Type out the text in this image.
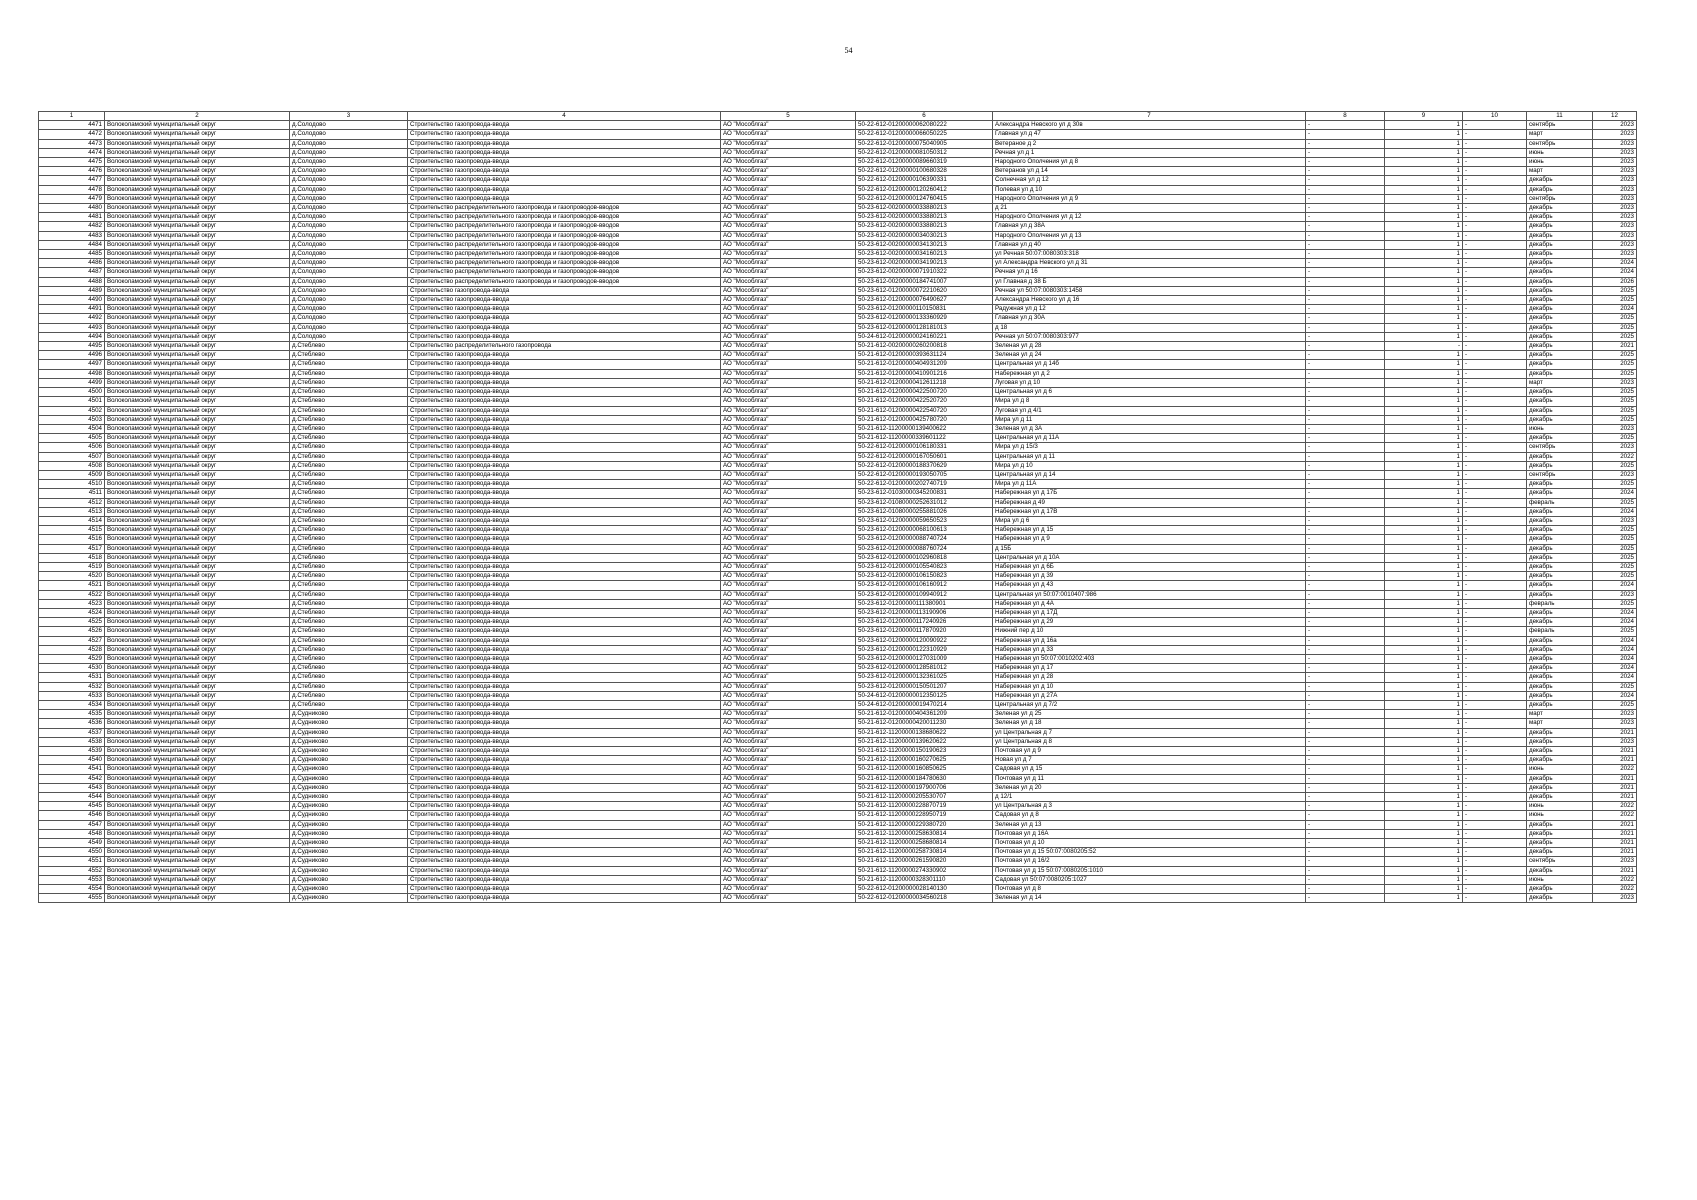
54
1	2	3	4	5	6	7	8	9	10	11	12
4471	Волоколамский муниципальный округ	д.Солодово	Строительство газопровода-ввода	АО "Мособлгаз"	50-22-612-01200000062080222	Александра Невского ул д 30в	-	1	-	сентябрь	2023
4472	Волоколамский муниципальный округ	д.Солодово	Строительство газопровода-ввода	АО "Мособлгаз"	50-22-612-01200000066050225	Главная ул д 47	-	1	-	март	2023
4473	Волоколамский муниципальный округ	д.Солодово	Строительство газопровода-ввода	АО "Мособлгаз"	50-22-612-01200000075040905	Ветераное д 2	-	1	-	сентябрь	2023
4474	Волоколамский муниципальный округ	д.Солодово	Строительство газопровода-ввода	АО "Мособлгаз"	50-22-612-01200000081050312	Речная ул д 1	-	1	-	июнь	2023
4475	Волоколамский муниципальный округ	д.Солодово	Строительство газопровода-ввода	АО "Мособлгаз"	50-22-612-01200000089660319	Народного Ополчения ул д 8	-	1	-	июнь	2023
4476	Волоколамский муниципальный округ	д.Солодово	Строительство газопровода-ввода	АО "Мособлгаз"	50-22-612-01200000100680328	Ветеранов ул д 14	-	1	-	март	2023
4477	Волоколамский муниципальный округ	д.Солодово	Строительство газопровода-ввода	АО "Мособлгаз"	50-22-612-01200000106390331	Солнечная ул д 12	-	1	-	декабрь	2023
4478	Волоколамский муниципальный округ	д.Солодово	Строительство газопровода-ввода	АО "Мособлгаз"	50-22-612-01200000120260412	Полевая ул д 10	-	1	-	декабрь	2023
4479	Волоколамский муниципальный округ	д.Солодово	Строительство газопровода-ввода	АО "Мособлгаз"	50-22-612-01200000124760415	Народного Ополчения ул д 9	-	1	-	сентябрь	2023
4480	Волоколамский муниципальный округ	д.Солодово	Строительство распределительного газопровода и газопроводов-вводов	АО "Мособлгаз"	50-23-612-00200000033880213	д 21	-	1	-	декабрь	2023
4481	Волоколамский муниципальный округ	д.Солодово	Строительство распределительного газопровода и газопроводов-вводов	АО "Мособлгаз"	50-23-612-00200000033880213	Народного Ополчения ул д 12	-	1	-	декабрь	2023
4482	Волоколамский муниципальный округ	д.Солодово	Строительство распределительного газопровода и газопроводов-вводов	АО "Мособлгаз"	50-23-612-00200000033880213	Главная ул д 38А	-	1	-	декабрь	2023
4483	Волоколамский муниципальный округ	д.Солодово	Строительство распределительного газопровода и газопроводов-вводов	АО "Мособлгаз"	50-23-612-00200000034030213	Народного Ополчения ул д 13	-	1	-	декабрь	2023
4484	Волоколамский муниципальный округ	д.Солодово	Строительство распределительного газопровода и газопроводов-вводов	АО "Мособлгаз"	50-23-612-00200000034130213	Главная ул д 40	-	1	-	декабрь	2023
4485	Волоколамский муниципальный округ	д.Солодово	Строительство распределительного газопровода и газопроводов-вводов	АО "Мособлгаз"	50-23-612-00200000034160213	ул Речная 50:07:0080303:318	-	1	-	декабрь	2023
4486	Волоколамский муниципальный округ	д.Солодово	Строительство распределительного газопровода и газопроводов-вводов	АО "Мособлгаз"	50-23-612-00200000034190213	ул Александра Невского ул д 31	-	1	-	декабрь	2024
4487	Волоколамский муниципальный округ	д.Солодово	Строительство распределительного газопровода и газопроводов-вводов	АО "Мособлгаз"	50-23-612-00200000071910322	Речная ул д 16	-	1	-	декабрь	2024
4488	Волоколамский муниципальный округ	д.Солодово	Строительство распределительного газопровода и газопроводов-вводов	АО "Мособлгаз"	50-23-612-00200000184741007	ул Главная д 38 Б	-	1	-	декабрь	2026
4489	Волоколамский муниципальный округ	д.Солодово	Строительство газопровода-ввода	АО "Мособлгаз"	50-23-612-01200000072210620	Речная ул 50:07:0080303:1458	-	1	-	декабрь	2025
4490	Волоколамский муниципальный округ	д.Солодово	Строительство газопровода-ввода	АО "Мособлгаз"	50-23-612-01200000076490627	Александра Невского ул д 16	-	1	-	декабрь	2025
4491	Волоколамский муниципальный округ	д.Солодово	Строительство газопровода-ввода	АО "Мособлгаз"	50-23-612-01200000110150831	Радужная ул д 12	-	1	-	декабрь	2024
4492	Волоколамский муниципальный округ	д.Солодово	Строительство газопровода-ввода	АО "Мособлгаз"	50-23-612-01200000133360929	Главная ул д 30А	-	1	-	декабрь	2025
4493	Волоколамский муниципальный округ	д.Солодово	Строительство газопровода-ввода	АО "Мособлгаз"	50-23-612-01200000128181013	д 18	-	1	-	декабрь	2025
4494	Волоколамский муниципальный округ	д.Солодово	Строительство газопровода-ввода	АО "Мособлгаз"	50-24-612-01200000024160221	Речная ул 50:07:0080303:977	-	1	-	декабрь	2025
4495	Волоколамский муниципальный округ	д.Стеблево	Строительство распределительного газопровода	АО "Мособлгаз"	50-21-612-00200000260200818	Зеленая ул д 28	-	-	-	декабрь	2021
4496	Волоколамский муниципальный округ	д.Стеблево	Строительство газопровода-ввода	АО "Мособлгаз"	50-21-612-01200000393631124	Зеленая ул д 24	-	1	-	декабрь	2025
4497	Волоколамский муниципальный округ	д.Стеблево	Строительство газопровода-ввода	АО "Мособлгаз"	50-21-612-01200000404931209	Центральная ул д 14б	-	1	-	декабрь	2025
4498	Волоколамский муниципальный округ	д.Стеблево	Строительство газопровода-ввода	АО "Мособлгаз"	50-21-612-01200000410901216	Набережная ул д 2	-	1	-	декабрь	2025
4499	Волоколамский муниципальный округ	д.Стеблево	Строительство газопровода-ввода	АО "Мособлгаз"	50-21-612-01200000412611218	Луговая ул д 10	-	1	-	март	2023
4500	Волоколамский муниципальный округ	д.Стеблево	Строительство газопровода-ввода	АО "Мособлгаз"	50-21-612-01200000422500720	Центральная ул д 6	-	1	-	декабрь	2025
4501	Волоколамский муниципальный округ	д.Стеблево	Строительство газопровода-ввода	АО "Мособлгаз"	50-21-612-01200000422520720	Мира ул д 8	-	1	-	декабрь	2025
4502	Волоколамский муниципальный округ	д.Стеблево	Строительство газопровода-ввода	АО "Мособлгаз"	50-21-612-01200000422540720	Луговая ул д 4/1	-	1	-	декабрь	2025
4503	Волоколамский муниципальный округ	д.Стеблево	Строительство газопровода-ввода	АО "Мособлгаз"	50-21-612-01200000425780720	Мира ул д 11	-	1	-	декабрь	2025
4504	Волоколамский муниципальный округ	д.Стеблево	Строительство газопровода-ввода	АО "Мособлгаз"	50-21-612-11200000139400622	Зеленая ул д 3А	-	1	-	июнь	2023
4505	Волоколамский муниципальный округ	д.Стеблево	Строительство газопровода-ввода	АО "Мособлгаз"	50-21-612-11200000339601122	Центральная ул д 11А	-	1	-	декабрь	2025
4506	Волоколамский муниципальный округ	д.Стеблево	Строительство газопровода-ввода	АО "Мособлгаз"	50-22-612-01200000106180331	Мира ул д 15/3	-	1	-	сентябрь	2023
4507	Волоколамский муниципальный округ	д.Стеблево	Строительство газопровода-ввода	АО "Мособлгаз"	50-22-612-01200000167050601	Центральная ул д 11	-	1	-	декабрь	2022
4508	Волоколамский муниципальный округ	д.Стеблево	Строительство газопровода-ввода	АО "Мособлгаз"	50-22-612-01200000188370629	Мира ул д 10	-	1	-	декабрь	2025
4509	Волоколамский муниципальный округ	д.Стеблево	Строительство газопровода-ввода	АО "Мособлгаз"	50-22-612-01200000193050705	Центральная ул д 14	-	1	-	сентябрь	2023
4510	Волоколамский муниципальный округ	д.Стеблево	Строительство газопровода-ввода	АО "Мособлгаз"	50-22-612-01200000202740719	Мира ул д 11А	-	1	-	декабрь	2025
4511	Волоколамский муниципальный округ	д.Стеблево	Строительство газопровода-ввода	АО "Мособлгаз"	50-23-612-01030000345200831	Набережная ул д 17Б	-	1	-	декабрь	2024
4512	Волоколамский муниципальный округ	д.Стеблево	Строительство газопровода-ввода	АО "Мособлгаз"	50-23-612-01080000252631012	Набережная д 49	-	1	-	февраль	2025
4513	Волоколамский муниципальный округ	д.Стеблево	Строительство газопровода-ввода	АО "Мособлгаз"	50-23-612-01080000255881026	Набережная ул д 17В	-	1	-	декабрь	2024
4514	Волоколамский муниципальный округ	д.Стеблево	Строительство газопровода-ввода	АО "Мособлгаз"	50-23-612-01200000059650523	Мира ул д 6	-	1	-	декабрь	2023
4515	Волоколамский муниципальный округ	д.Стеблево	Строительство газопровода-ввода	АО "Мособлгаз"	50-23-612-01200000068100613	Набережная ул д 15	-	1	-	декабрь	2025
4516	Волоколамский муниципальный округ	д.Стеблево	Строительство газопровода-ввода	АО "Мособлгаз"	50-23-612-01200000088740724	Набережная ул д 9	-	1	-	декабрь	2025
4517	Волоколамский муниципальный округ	д.Стеблево	Строительство газопровода-ввода	АО "Мособлгаз"	50-23-612-01200000088760724	д 15Б	-	1	-	декабрь	2025
4518	Волоколамский муниципальный округ	д.Стеблево	Строительство газопровода-ввода	АО "Мособлгаз"	50-23-612-01200000102960818	Центральная ул д 10А	-	1	-	декабрь	2025
4519	Волоколамский муниципальный округ	д.Стеблево	Строительство газопровода-ввода	АО "Мособлгаз"	50-23-612-01200000105540823	Набережная ул д 6Б	-	1	-	декабрь	2025
4520	Волоколамский муниципальный округ	д.Стеблево	Строительство газопровода-ввода	АО "Мособлгаз"	50-23-612-01200000106150823	Набережная ул д 39	-	1	-	декабрь	2025
4521	Волоколамский муниципальный округ	д.Стеблево	Строительство газопровода-ввода	АО "Мособлгаз"	50-23-612-01200000106160912	Набережная ул д 43	-	1	-	декабрь	2024
4522	Волоколамский муниципальный округ	д.Стеблево	Строительство газопровода-ввода	АО "Мособлгаз"	50-23-612-01200000109940912	Центральная ул 50:07:0010407:986	-	1	-	декабрь	2023
4523	Волоколамский муниципальный округ	д.Стеблево	Строительство газопровода-ввода	АО "Мособлгаз"	50-23-612-01200000111380901	Набережная ул д 4А	-	1	-	февраль	2025
4524	Волоколамский муниципальный округ	д.Стеблево	Строительство газопровода-ввода	АО "Мособлгаз"	50-23-612-01200000113190906	Набережная ул д 17Д	-	1	-	декабрь	2024
4525	Волоколамский муниципальный округ	д.Стеблево	Строительство газопровода-ввода	АО "Мособлгаз"	50-23-612-01200000117240926	Набережная ул д 29	-	1	-	декабрь	2024
4526	Волоколамский муниципальный округ	д.Стеблево	Строительство газопровода-ввода	АО "Мособлгаз"	50-23-612-01200000117870920	Нижний пер д 10	-	1	-	февраль	2025
4527	Волоколамский муниципальный округ	д.Стеблево	Строительство газопровода-ввода	АО "Мособлгаз"	50-23-612-01200000120090922	Набережная ул д 16а	-	1	-	декабрь	2024
4528	Волоколамский муниципальный округ	д.Стеблево	Строительство газопровода-ввода	АО "Мособлгаз"	50-23-612-01200000122310929	Набережная ул д 33	-	1	-	декабрь	2024
4529	Волоколамский муниципальный округ	д.Стеблево	Строительство газопровода-ввода	АО "Мособлгаз"	50-23-612-01200000127031009	Набережная ул 50:07:0010202:403	-	1	-	декабрь	2024
4530	Волоколамский муниципальный округ	д.Стеблево	Строительство газопровода-ввода	АО "Мособлгаз"	50-23-612-01200000128581012	Набережная ул д 17	-	1	-	декабрь	2024
4531	Волоколамский муниципальный округ	д.Стеблево	Строительство газопровода-ввода	АО "Мособлгаз"	50-23-612-01200000132361025	Набережная ул д 28	-	1	-	декабрь	2024
4532	Волоколамский муниципальный округ	д.Стеблево	Строительство газопровода-ввода	АО "Мособлгаз"	50-23-612-01200000150501207	Набережная ул д 10	-	1	-	декабрь	2025
4533	Волоколамский муниципальный округ	д.Стеблево	Строительство газопровода-ввода	АО "Мособлгаз"	50-24-612-01200000012350125	Набережная ул д 27А	-	1	-	декабрь	2024
4534	Волоколамский муниципальный округ	д.Стеблево	Строительство газопровода-ввода	АО "Мособлгаз"	50-24-612-01200000019470214	Центральная ул д 7/2	-	1	-	декабрь	2025
4535	Волоколамский муниципальный округ	д.Судниково	Строительство газопровода-ввода	АО "Мособлгаз"	50-21-612-01200000404361209	Зеленая ул д 25	-	1	-	март	2023
4536	Волоколамский муниципальный округ	д.Судниково	Строительство газопровода-ввода	АО "Мособлгаз"	50-21-612-01200000420011230	Зеленая ул д 18	-	1	-	март	2023
4537	Волоколамский муниципальный округ	д.Судниково	Строительство газопровода-ввода	АО "Мособлгаз"	50-21-612-11200000138680622	ул Центральная д 7	-	1	-	декабрь	2021
4538	Волоколамский муниципальный округ	д.Судниково	Строительство газопровода-ввода	АО "Мособлгаз"	50-21-612-11200000139620622	ул Центральная д 8	-	1	-	декабрь	2023
4539	Волоколамский муниципальный округ	д.Судниково	Строительство газопровода-ввода	АО "Мособлгаз"	50-21-612-11200000150190623	Почтовая ул д 9	-	1	-	декабрь	2021
4540	Волоколамский муниципальный округ	д.Судниково	Строительство газопровода-ввода	АО "Мособлгаз"	50-21-612-11200000160270625	Новая ул д 7	-	1	-	декабрь	2021
4541	Волоколамский муниципальный округ	д.Судниково	Строительство газопровода-ввода	АО "Мособлгаз"	50-21-612-11200000160850625	Садовая ул д 15	-	1	-	июнь	2022
4542	Волоколамский муниципальный округ	д.Судниково	Строительство газопровода-ввода	АО "Мособлгаз"	50-21-612-11200000184780630	Почтовая ул д 11	-	1	-	декабрь	2021
4543	Волоколамский муниципальный округ	д.Судниково	Строительство газопровода-ввода	АО "Мособлгаз"	50-21-612-11200000197900706	Зеленая ул д 20	-	1	-	декабрь	2021
4544	Волоколамский муниципальный округ	д.Судниково	Строительство газопровода-ввода	АО "Мособлгаз"	50-21-612-11200000205530707	д 12/1	-	1	-	декабрь	2021
4545	Волоколамский муниципальный округ	д.Судниково	Строительство газопровода-ввода	АО "Мособлгаз"	50-21-612-11200000228870719	ул Центральная д 3	-	1	-	июнь	2022
4546	Волоколамский муниципальный округ	д.Судниково	Строительство газопровода-ввода	АО "Мособлгаз"	50-21-612-11200000228950719	Садовая ул д 8	-	1	-	июнь	2022
4547	Волоколамский муниципальный округ	д.Судниково	Строительство газопровода-ввода	АО "Мособлгаз"	50-21-612-11200000229380720	Зеленая ул д 13	-	1	-	декабрь	2021
4548	Волоколамский муниципальный округ	д.Судниково	Строительство газопровода-ввода	АО "Мособлгаз"	50-21-612-11200000258630814	Почтовая ул д 16А	-	1	-	декабрь	2021
4549	Волоколамский муниципальный округ	д.Судниково	Строительство газопровода-ввода	АО "Мособлгаз"	50-21-612-11200000258680814	Почтовая ул д 10	-	1	-	декабрь	2021
4550	Волоколамский муниципальный округ	д.Судниково	Строительство газопровода-ввода	АО "Мособлгаз"	50-21-612-11200000258730814	Почтовая ул д 15 50:07:0080205:52	-	1	-	декабрь	2021
4551	Волоколамский муниципальный округ	д.Судниково	Строительство газопровода-ввода	АО "Мособлгаз"	50-21-612-11200000261590820	Почтовая ул д 16/2	-	1	-	сентябрь	2023
4552	Волоколамский муниципальный округ	д.Судниково	Строительство газопровода-ввода	АО "Мособлгаз"	50-21-612-11200000274330902	Почтовая ул д 15 50:07:0080205:1010	-	1	-	декабрь	2021
4553	Волоколамский муниципальный округ	д.Судниково	Строительство газопровода-ввода	АО "Мособлгаз"	50-21-612-11200000328301110	Садовая ул 50:07:0080205:1027	-	1	-	июнь	2022
4554	Волоколамский муниципальный округ	д.Судниково	Строительство газопровода-ввода	АО "Мособлгаз"	50-22-612-01200000028140130	Почтовая ул д 8	-	1	-	декабрь	2022
4555	Волоколамский муниципальный округ	д.Судниково	Строительство газопровода-ввода	АО "Мособлгаз"	50-22-612-01200000034560218	Зеленая ул д 14	-	1	-	декабрь	2023
